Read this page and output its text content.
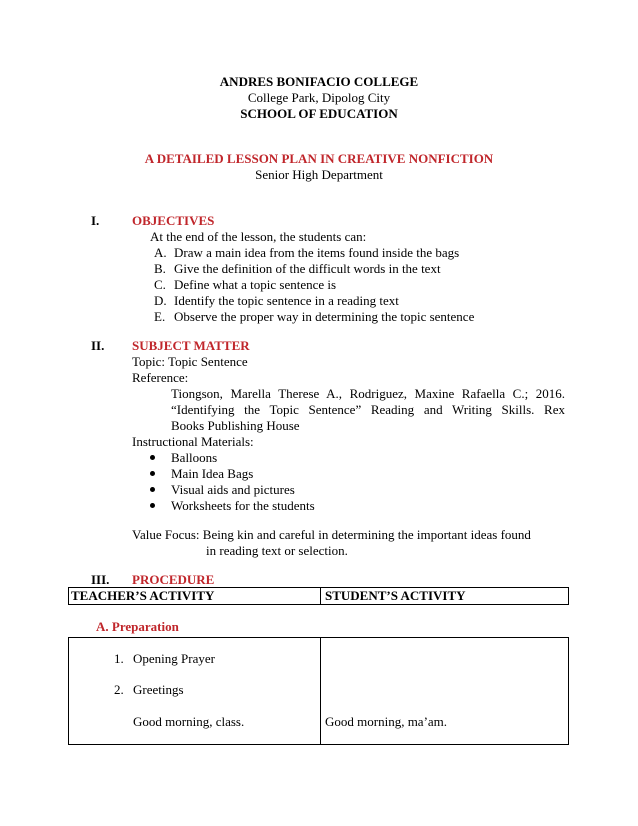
ANDRES BONIFACIO COLLEGE
College Park, Dipolog City
SCHOOL OF EDUCATION
A DETAILED LESSON PLAN IN CREATIVE NONFICTION
Senior High Department
I.	OBJECTIVES
At the end of the lesson, the students can:
A. Draw a main idea from the items found inside the bags
B. Give the definition of the difficult words in the text
C. Define what a topic sentence is
D. Identify the topic sentence in a reading text
E. Observe the proper way in determining the topic sentence
II. SUBJECT MATTER
Topic: Topic Sentence
Reference:
Tiongson, Marella Therese A., Rodriguez, Maxine Rafaella C.; 2016.
“Identifying the Topic Sentence” Reading and Writing Skills. Rex
Books Publishing House
Instructional Materials:
Balloons
Main Idea Bags
Visual aids and pictures
Worksheets for the students
Value Focus: Being kin and careful in determining the important ideas found
in reading text or selection.
III. PROCEDURE
TEACHER’S ACTIVITY	STUDENT’S ACTIVITY
A. Preparation
1. Opening Prayer
2. Greetings
Good morning, class.	Good morning, ma’am.
